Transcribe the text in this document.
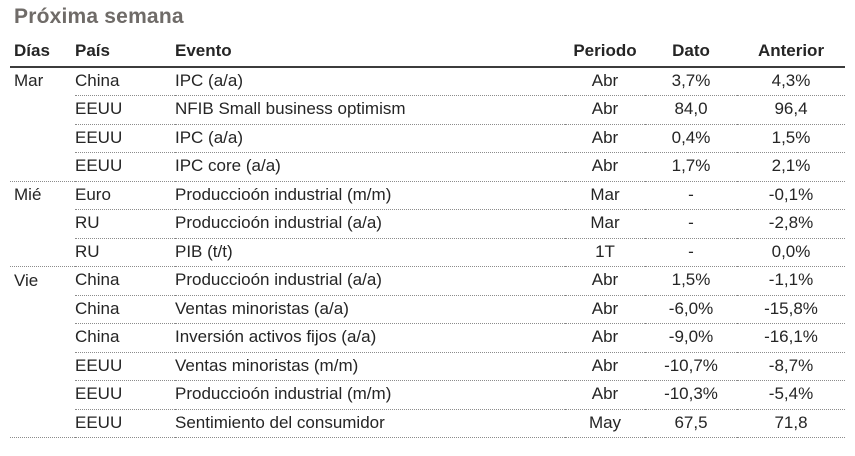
Próxima semana
Días	País	Evento	Periodo	Dato	Anterior
Mar	China	IPC (a/a)	Abr	3,7%	4,3%
	EEUU	NFIB Small business optimism	Abr	84,0	96,4
	EEUU	IPC (a/a)	Abr	0,4%	1,5%
	EEUU	IPC core (a/a)	Abr	1,7%	2,1%
Mié	Euro	Produccioón industrial (m/m)	Mar	-	-0,1%
	RU	Produccioón industrial (a/a)	Mar	-	-2,8%
	RU	PIB (t/t)	1T	-	0,0%
Vie	China	Produccioón industrial (a/a)	Abr	1,5%	-1,1%
	China	Ventas minoristas (a/a)	Abr	-6,0%	-15,8%
	China	Inversión activos fijos (a/a)	Abr	-9,0%	-16,1%
	EEUU	Ventas minoristas (m/m)	Abr	-10,7%	-8,7%
	EEUU	Produccioón industrial (m/m)	Abr	-10,3%	-5,4%
	EEUU	Sentimiento del consumidor	May	67,5	71,8
